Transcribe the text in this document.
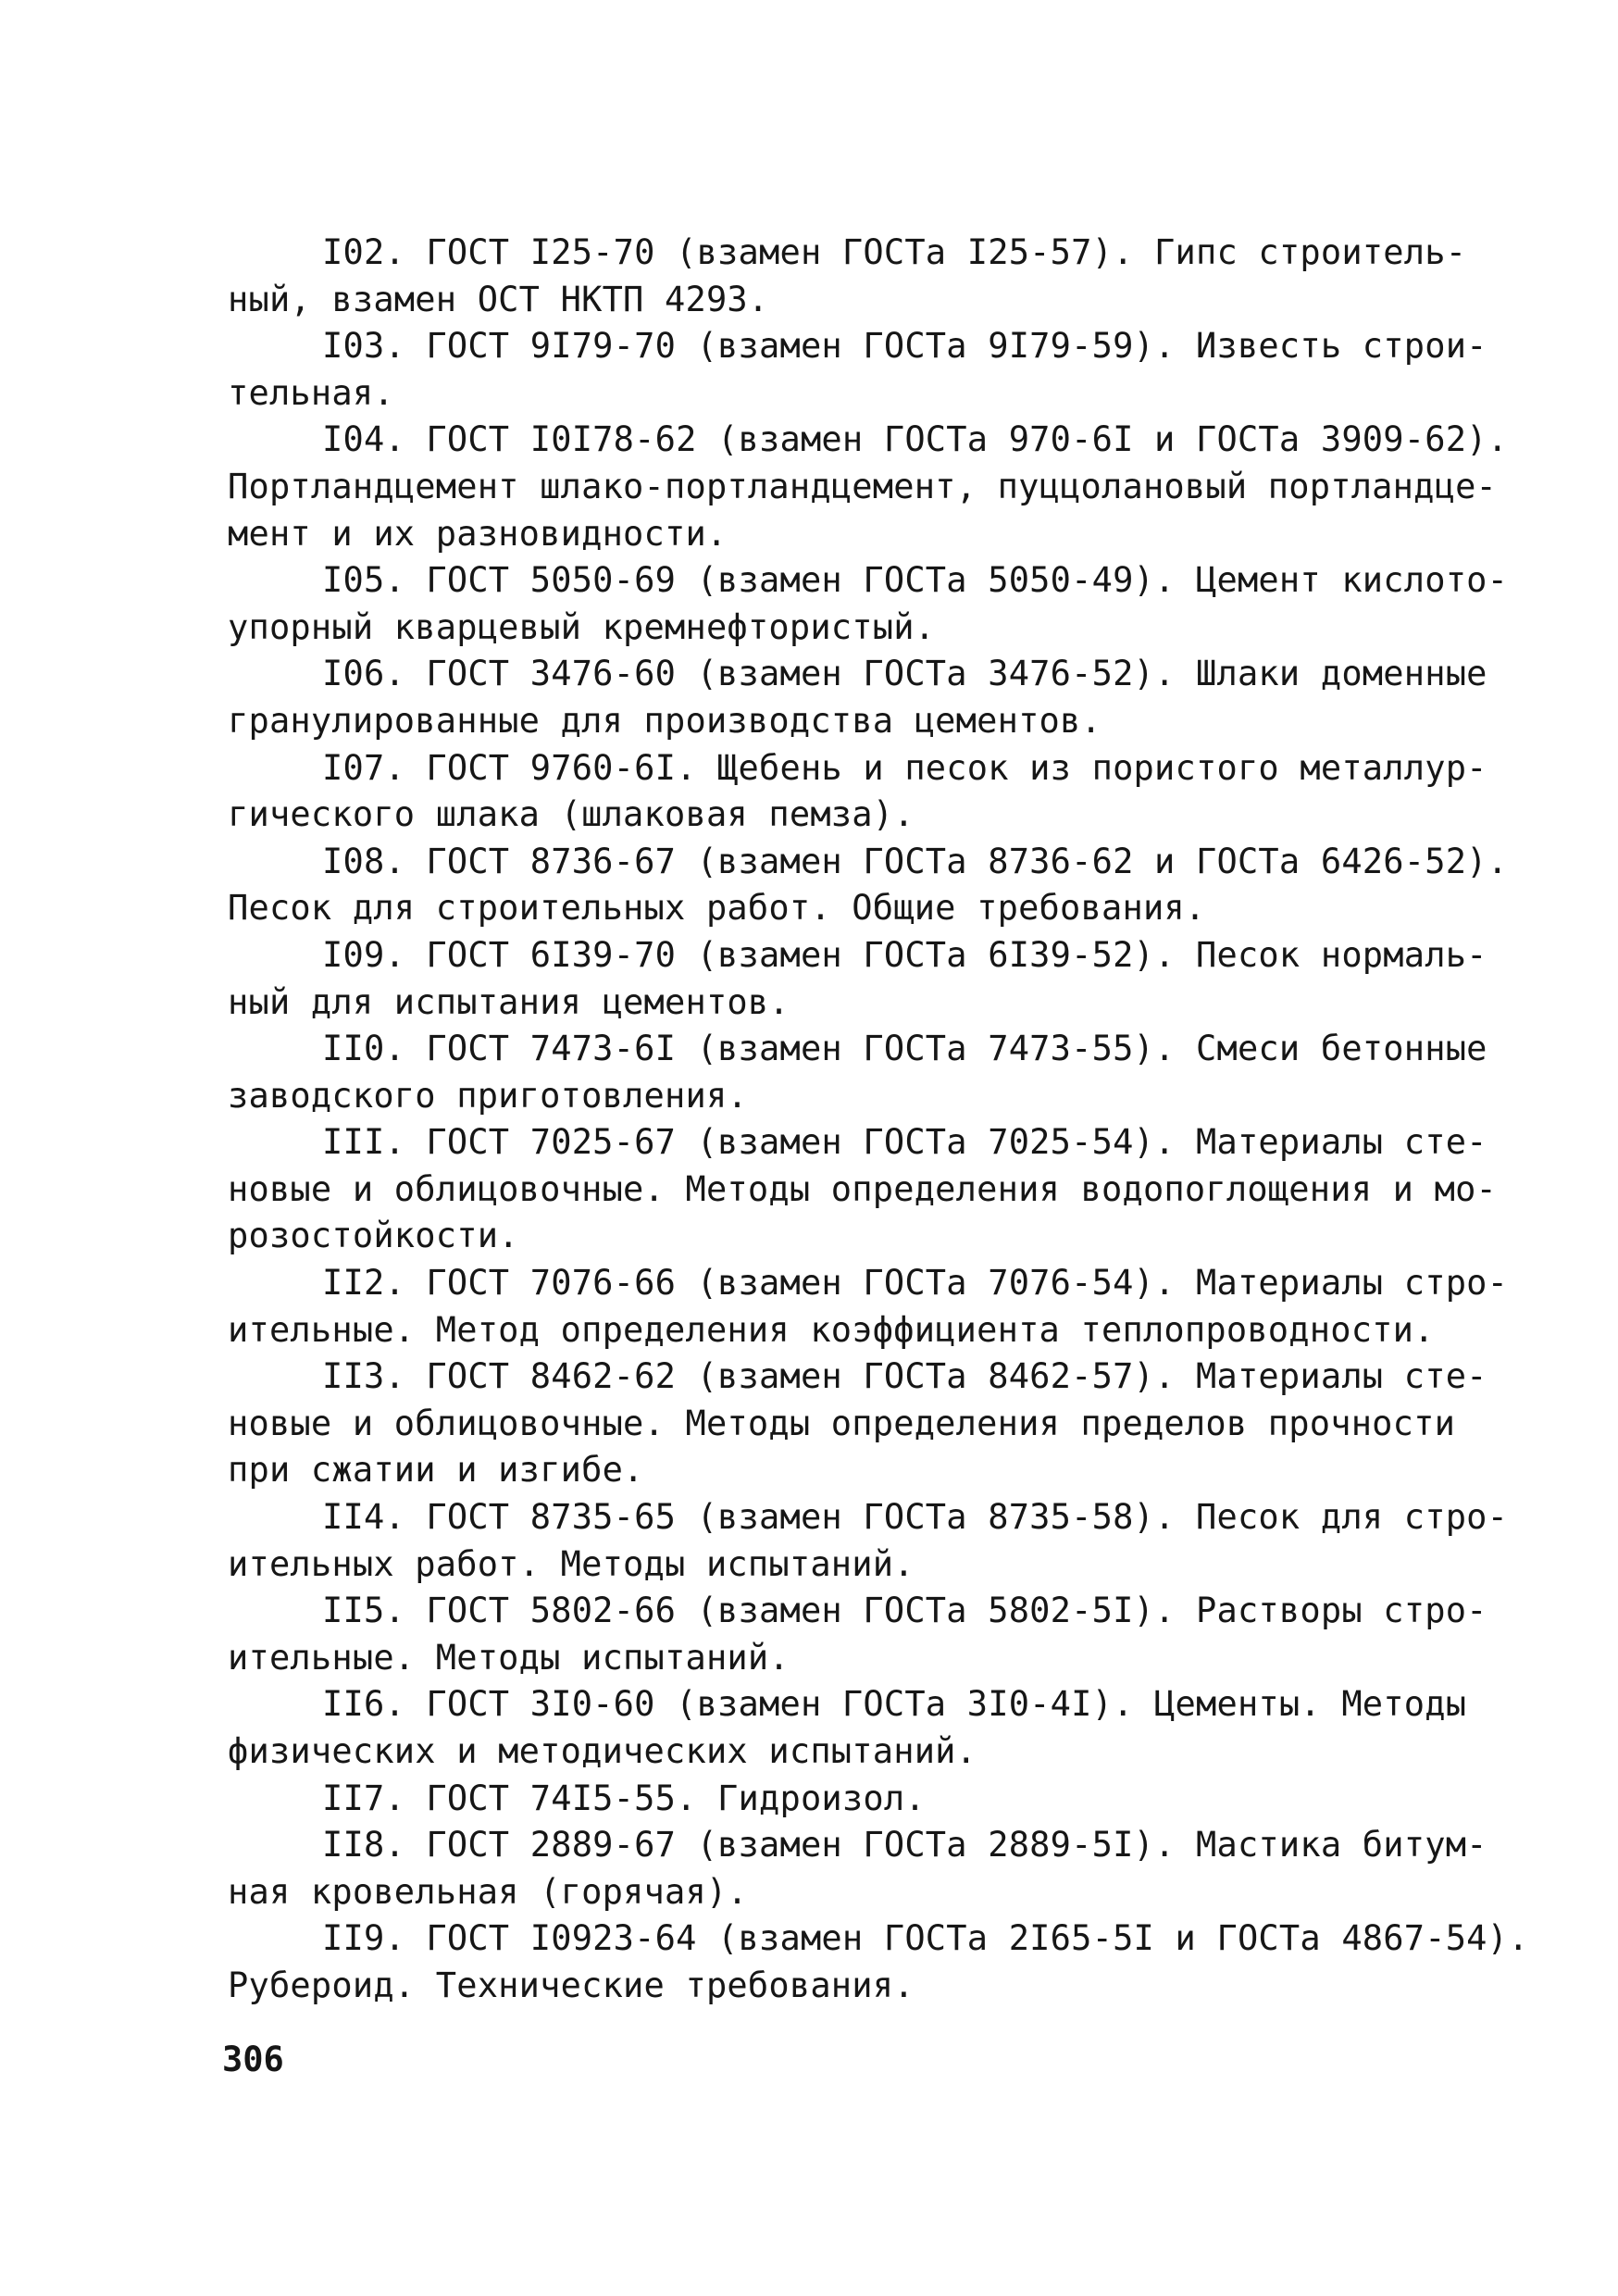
I02. ГОСТ I25-70 (взамен ГОСТа I25-57). Гипс строитель-
ный, взамен ОСТ НКТП 4293.
I03. ГОСТ 9I79-70 (взамен ГОСТа 9I79-59). Известь строи-
тельная.
I04. ГОСТ I0I78-62 (взамен ГОСТа 970-6I и ГОСТа 3909-62).
Портландцемент шлако-портландцемент, пуццолановый портландце-
мент и их разновидности.
I05. ГОСТ 5050-69 (взамен ГОСТа 5050-49). Цемент кислото-
упорный кварцевый кремнефтористый.
I06. ГОСТ 3476-60 (взамен ГОСТа 3476-52). Шлаки доменные
гранулированные для производства цементов.
I07. ГОСТ 9760-6I. Щебень и песок из пористого металлур-
гического шлака (шлаковая пемза).
I08. ГОСТ 8736-67 (взамен ГОСТа 8736-62 и ГОСТа 6426-52).
Песок для строительных работ. Общие требования.
I09. ГОСТ 6I39-70 (взамен ГОСТа 6I39-52). Песок нормаль-
ный для испытания цементов.
II0. ГОСТ 7473-6I (взамен ГОСТа 7473-55). Смеси бетонные
заводского приготовления.
III. ГОСТ 7025-67 (взамен ГОСТа 7025-54). Материалы сте-
новые и облицовочные. Методы определения водопоглощения и мо-
розостойкости.
II2. ГОСТ 7076-66 (взамен ГОСТа 7076-54). Материалы стро-
ительные. Метод определения коэффициента теплопроводности.
II3. ГОСТ 8462-62 (взамен ГОСТа 8462-57). Материалы сте-
новые и облицовочные. Методы определения пределов прочности
при сжатии и изгибе.
II4. ГОСТ 8735-65 (взамен ГОСТа 8735-58). Песок для стро-
ительных работ. Методы испытаний.
II5. ГОСТ 5802-66 (взамен ГОСТа 5802-5I). Растворы стро-
ительные. Методы испытаний.
II6. ГОСТ 3I0-60 (взамен ГОСТа 3I0-4I). Цементы. Методы
физических и методических испытаний.
II7. ГОСТ 74I5-55. Гидроизол.
II8. ГОСТ 2889-67 (взамен ГОСТа 2889-5I). Мастика битум-
ная кровельная (горячая).
II9. ГОСТ I0923-64 (взамен ГОСТа 2I65-5I и ГОСТа 4867-54).
Рубероид. Технические требования.
306
